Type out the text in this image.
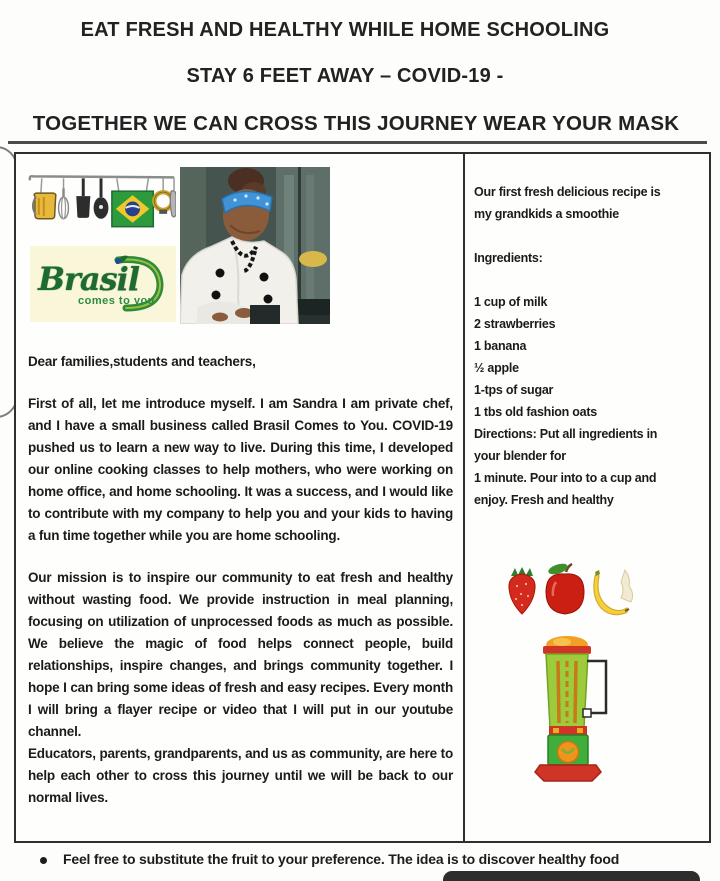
EAT FRESH AND HEALTHY WHILE HOME SCHOOLING
STAY 6 FEET AWAY – COVID-19 -
TOGETHER WE CAN CROSS THIS JOURNEY WEAR YOUR MASK
Brasil
comes to you

Dear families,students and teachers,

First of all, let me introduce myself. I am Sandra I am private chef, and I have a small business called Brasil Comes to You. COVID-19 pushed us to learn a new way to live. During this time, I developed our online cooking classes to help mothers, who were working on home office, and home schooling. It was a success, and I would like to contribute with my company to help you and your kids to having a fun time together while you are home schooling.

Our mission is to inspire our community to eat fresh and healthy without wasting food. We provide instruction in meal planning, focusing on utilization of unprocessed foods as much as possible. We believe the magic of food helps connect people, build relationships, inspire changes, and brings community together. I hope I can bring some ideas of fresh and easy recipes. Every month I will bring a flayer recipe or video that I will put in our youtube channel.

Educators, parents, grandparents, and us as community, are here to help each other to cross this journey until we will be back to our normal lives.

Our first fresh delicious recipe is
my grandkids a smoothie
Ingredients:
1 cup of milk
2 strawberries
1 banana
½ apple
1-tps of sugar
1 tbs old fashion oats
Directions: Put all ingredients in
your blender for
1 minute. Pour into to a cup and
enjoy. Fresh and healthy
Feel free to substitute the fruit to your preference. The idea is to discover healthy food
